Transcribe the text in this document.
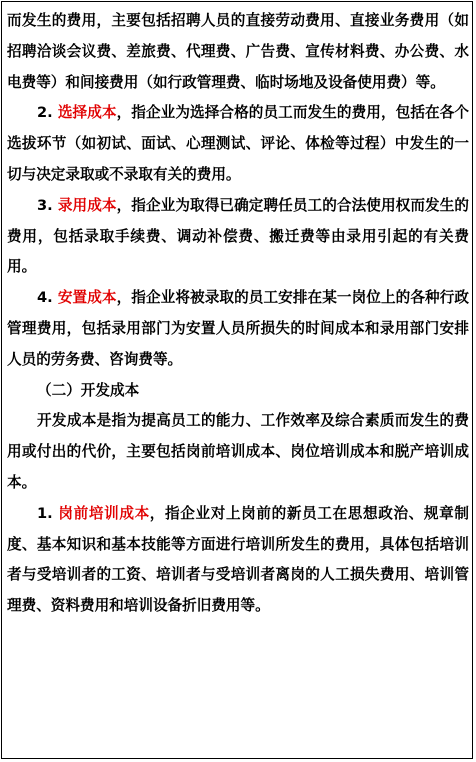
而发生的费用，主要包括招聘人员的直接劳动费用、直接业务费用（如招聘洽谈会议费、差旅费、代理费、广告费、宣传材料费、办公费、水电费等）和间接费用（如行政管理费、临时场地及设备使用费）等。

2. 选择成本，指企业为选择合格的员工而发生的费用，包括在各个选拔环节（如初试、面试、心理测试、评论、体检等过程）中发生的一切与决定录取或不录取有关的费用。

3. 录用成本，指企业为取得已确定聘任员工的合法使用权而发生的费用，包括录取手续费、调动补偿费、搬迁费等由录用引起的有关费用。

4. 安置成本，指企业将被录取的员工安排在某一岗位上的各种行政管理费用，包括录用部门为安置人员所损失的时间成本和录用部门安排人员的劳务费、咨询费等。

（二）开发成本

开发成本是指为提高员工的能力、工作效率及综合素质而发生的费用或付出的代价，主要包括岗前培训成本、岗位培训成本和脱产培训成本。

1. 岗前培训成本，指企业对上岗前的新员工在思想政治、规章制度、基本知识和基本技能等方面进行培训所发生的费用，具体包括培训者与受培训者的工资、培训者与受培训者离岗的人工损失费用、培训管理费、资料费用和培训设备折旧费用等。
